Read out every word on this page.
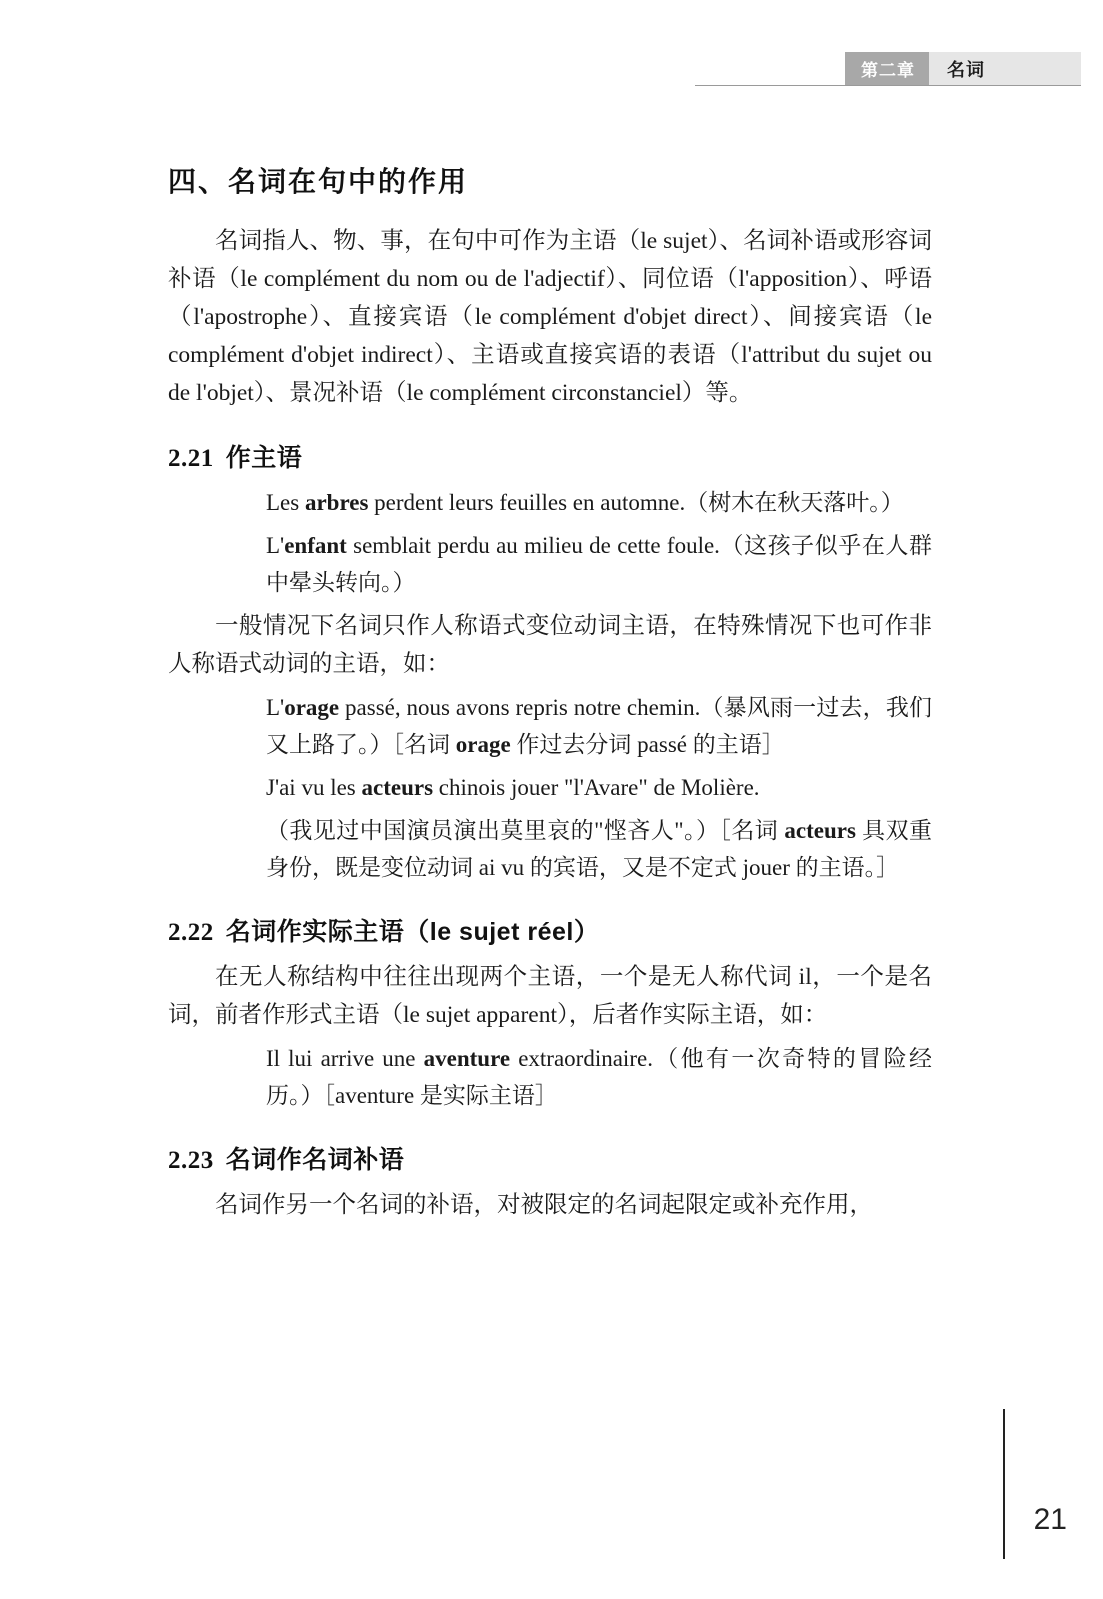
第二章	名词
四、名词在句中的作用

名词指人、物、事，在句中可作为主语（le sujet）、名词补语或形容词补语（le complément du nom ou de l'adjectif）、同位语（l'apposition）、呼语（l'apostrophe）、直接宾语（le complément d'objet direct）、间接宾语（le complément d'objet indirect）、主语或直接宾语的表语（l'attribut du sujet ou de l'objet）、景况补语（le complément circonstanciel）等。

2.21 作主语

Les arbres perdent leurs feuilles en automne.（树木在秋天落叶。）

L'enfant semblait perdu au milieu de cette foule.（这孩子似乎在人群中晕头转向。）

一般情况下名词只作人称语式变位动词主语，在特殊情况下也可作非人称语式动词的主语，如：

L'orage passé, nous avons repris notre chemin.（暴风雨一过去，我们又上路了。）［名词 orage 作过去分词 passé 的主语］

J'ai vu les acteurs chinois jouer "l'Avare" de Molière.

（我见过中国演员演出莫里哀的"悭吝人"。）［名词 acteurs 具双重身份，既是变位动词 ai vu 的宾语，又是不定式 jouer 的主语。］

2.22 名词作实际主语（le sujet réel）

在无人称结构中往往出现两个主语，一个是无人称代词 il，一个是名词，前者作形式主语（le sujet apparent），后者作实际主语，如：

Il lui arrive une aventure extraordinaire.（他有一次奇特的冒险经历。）［aventure 是实际主语］

2.23 名词作名词补语

名词作另一个名词的补语，对被限定的名词起限定或补充作用，

21
